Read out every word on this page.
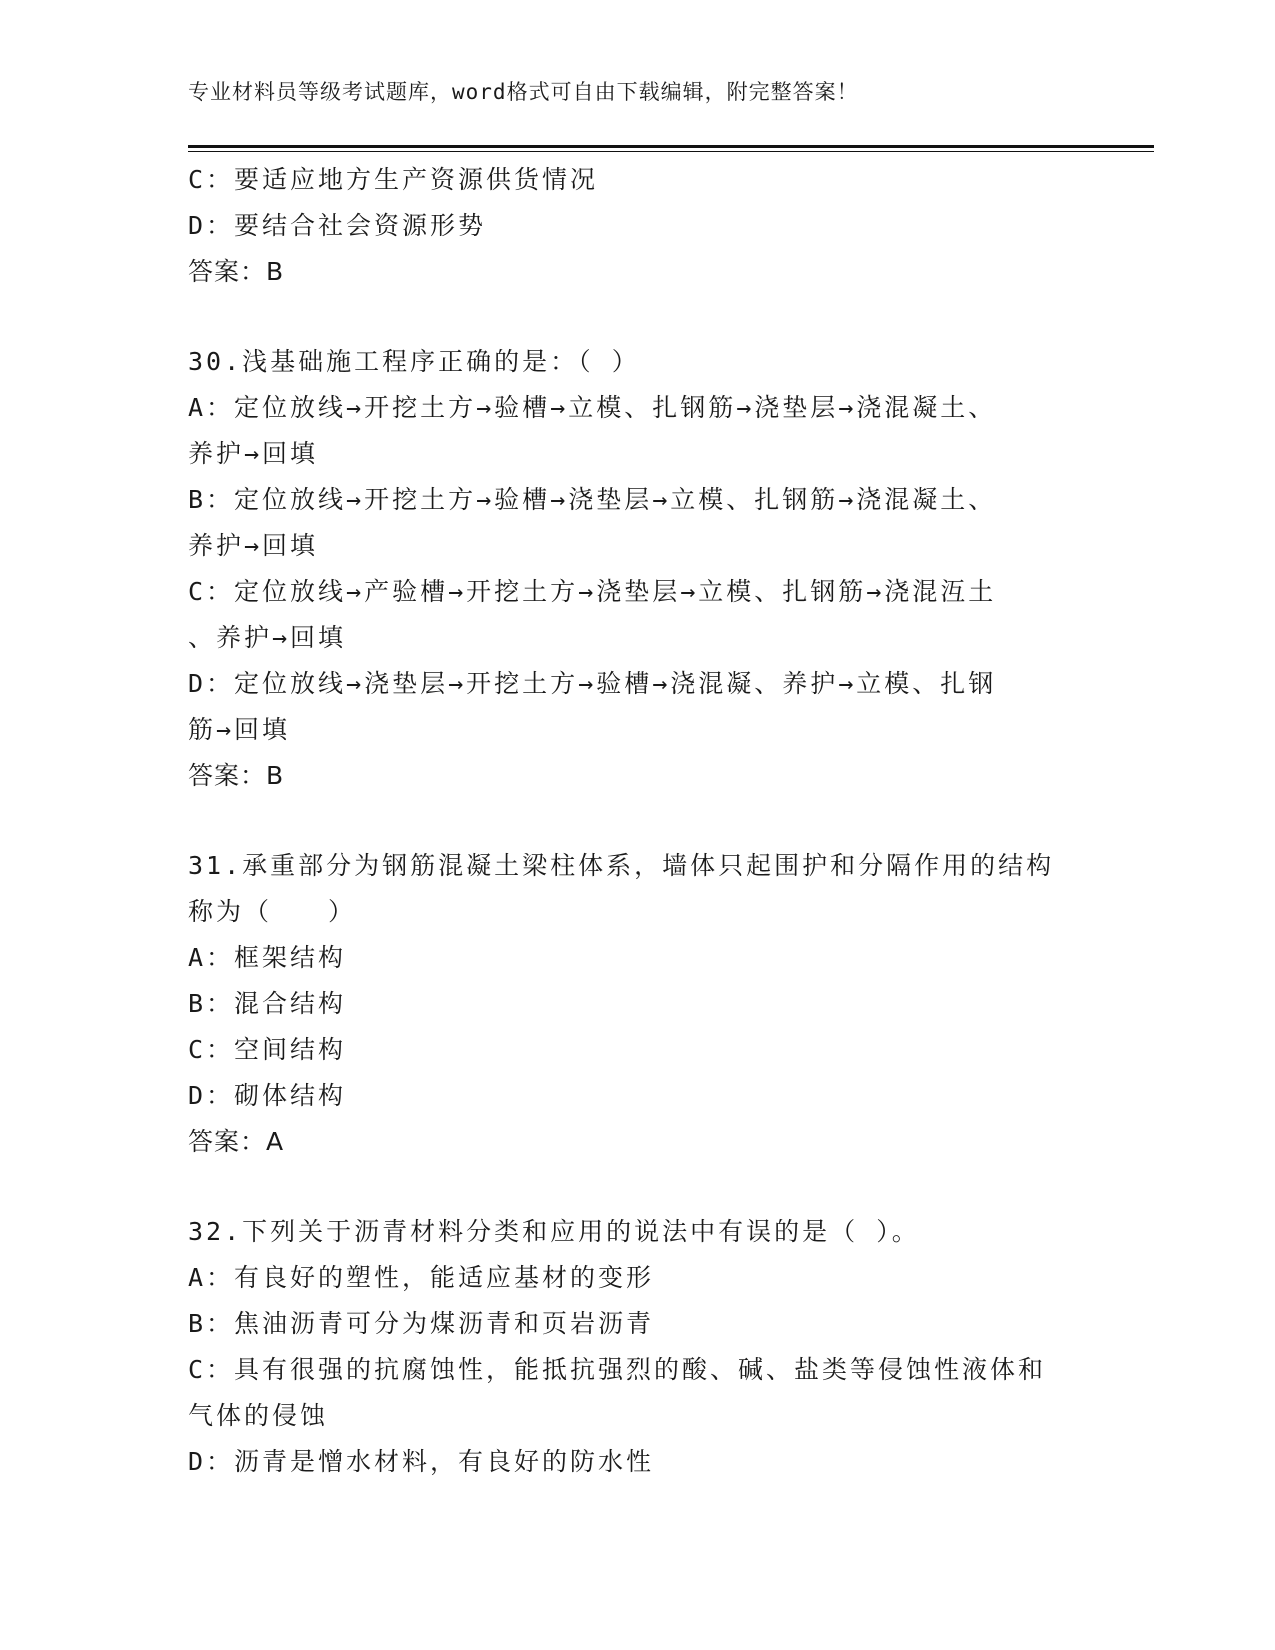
专业材料员等级考试题库，word格式可自由下载编辑，附完整答案！
C：要适应地方生产资源供货情况
D：要结合社会资源形势
答案：B
30.浅基础施工程序正确的是：（ ）
A：定位放线→开挖土方→验槽→立模、扎钢筋→浇垫层→浇混凝土、
养护→回填
B：定位放线→开挖土方→验槽→浇垫层→立模、扎钢筋→浇混凝土、
养护→回填
C：定位放线→产验槽→开挖土方→浇垫层→立模、扎钢筋→浇混沍土
、养护→回填
D：定位放线→浇垫层→开挖土方→验槽→浇混凝、养护→立模、扎钢
筋→回填
答案：B
31.承重部分为钢筋混凝土梁柱体系，墙体只起围护和分隔作用的结构
称为（　　）
A：框架结构
B：混合结构
C：空间结构
D：砌体结构
答案：A
32.下列关于沥青材料分类和应用的说法中有误的是（ ）。
A：有良好的塑性，能适应基材的变形
B：焦油沥青可分为煤沥青和页岩沥青
C：具有很强的抗腐蚀性，能抵抗强烈的酸、碱、盐类等侵蚀性液体和
气体的侵蚀
D：沥青是憎水材料，有良好的防水性
